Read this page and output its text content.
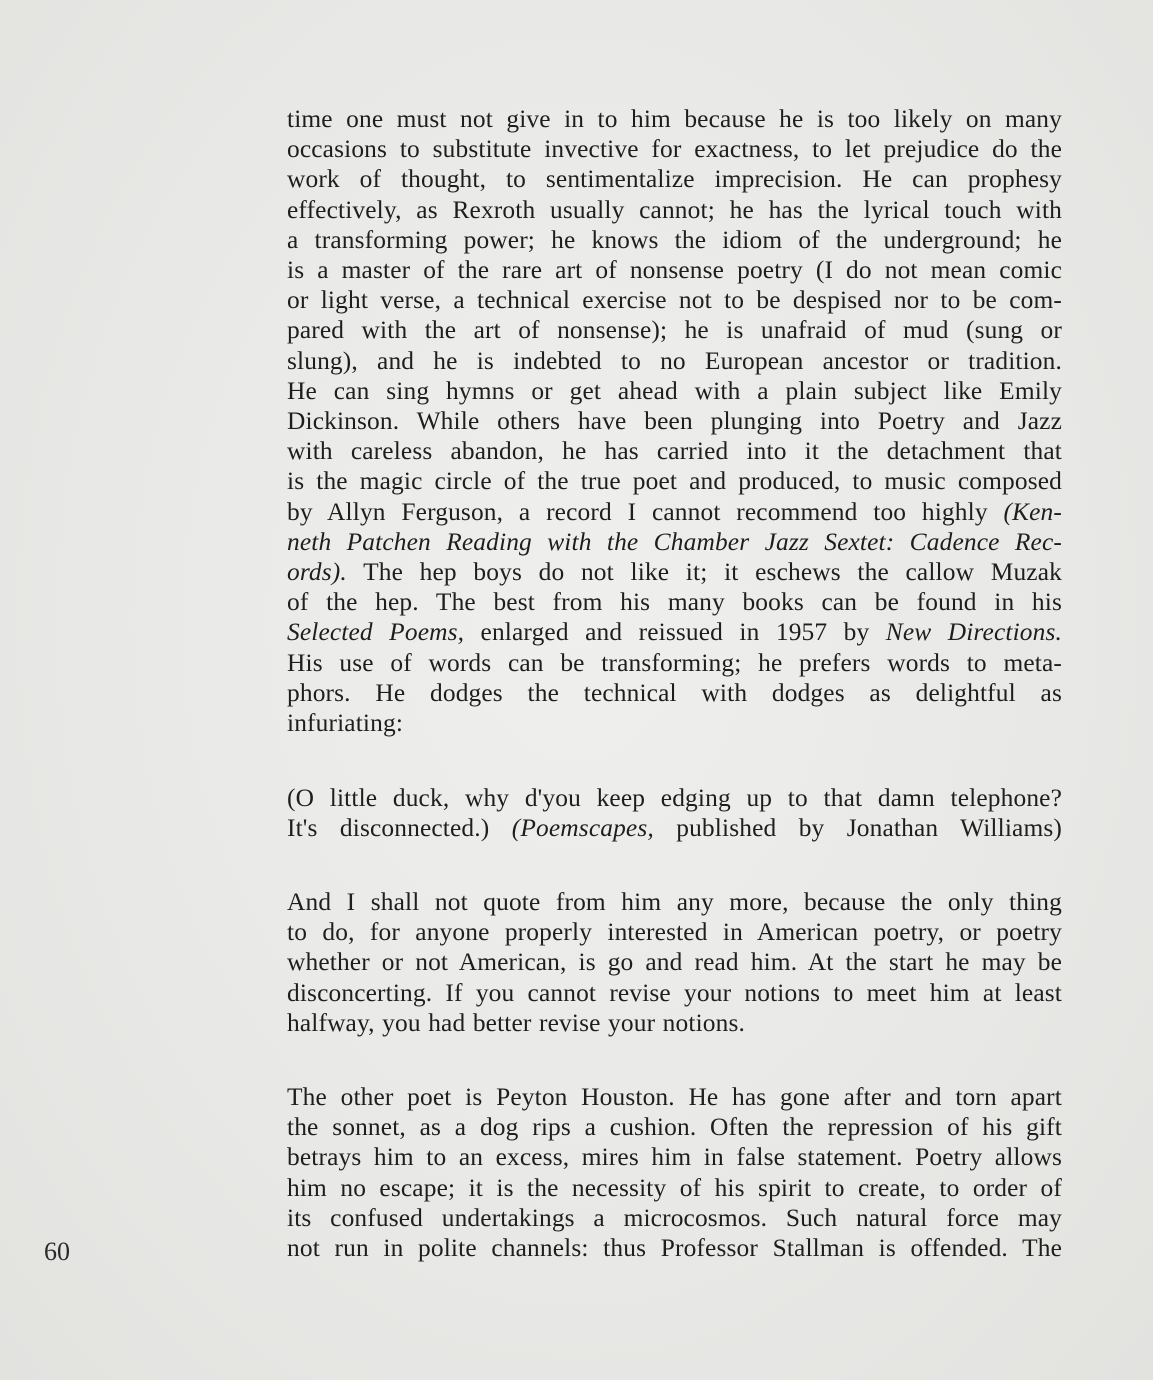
time one must not give in to him because he is too likely on many
occasions to substitute invective for exactness, to let prejudice do the
work of thought, to sentimentalize imprecision. He can prophesy
effectively, as Rexroth usually cannot; he has the lyrical touch with
a transforming power; he knows the idiom of the underground; he
is a master of the rare art of nonsense poetry (I do not mean comic
or light verse, a technical exercise not to be despised nor to be com-
pared with the art of nonsense); he is unafraid of mud (sung or
slung), and he is indebted to no European ancestor or tradition.
He can sing hymns or get ahead with a plain subject like Emily
Dickinson. While others have been plunging into Poetry and Jazz
with careless abandon, he has carried into it the detachment that
is the magic circle of the true poet and produced, to music composed
by Allyn Ferguson, a record I cannot recommend too highly (Ken-
neth Patchen Reading with the Chamber Jazz Sextet: Cadence Rec-
ords). The hep boys do not like it; it eschews the callow Muzak
of the hep. The best from his many books can be found in his
Selected Poems, enlarged and reissued in 1957 by New Directions.
His use of words can be transforming; he prefers words to meta-
phors. He dodges the technical with dodges as delightful as
infuriating:
(O little duck, why d'you keep edging up to that damn telephone?
It's disconnected.) (Poemscapes, published by Jonathan Williams)
And I shall not quote from him any more, because the only thing
to do, for anyone properly interested in American poetry, or poetry
whether or not American, is go and read him. At the start he may be
disconcerting. If you cannot revise your notions to meet him at least
halfway, you had better revise your notions.
The other poet is Peyton Houston. He has gone after and torn apart
the sonnet, as a dog rips a cushion. Often the repression of his gift
betrays him to an excess, mires him in false statement. Poetry allows
him no escape; it is the necessity of his spirit to create, to order of
its confused undertakings a microcosmos. Such natural force may
not run in polite channels: thus Professor Stallman is offended. The
60
